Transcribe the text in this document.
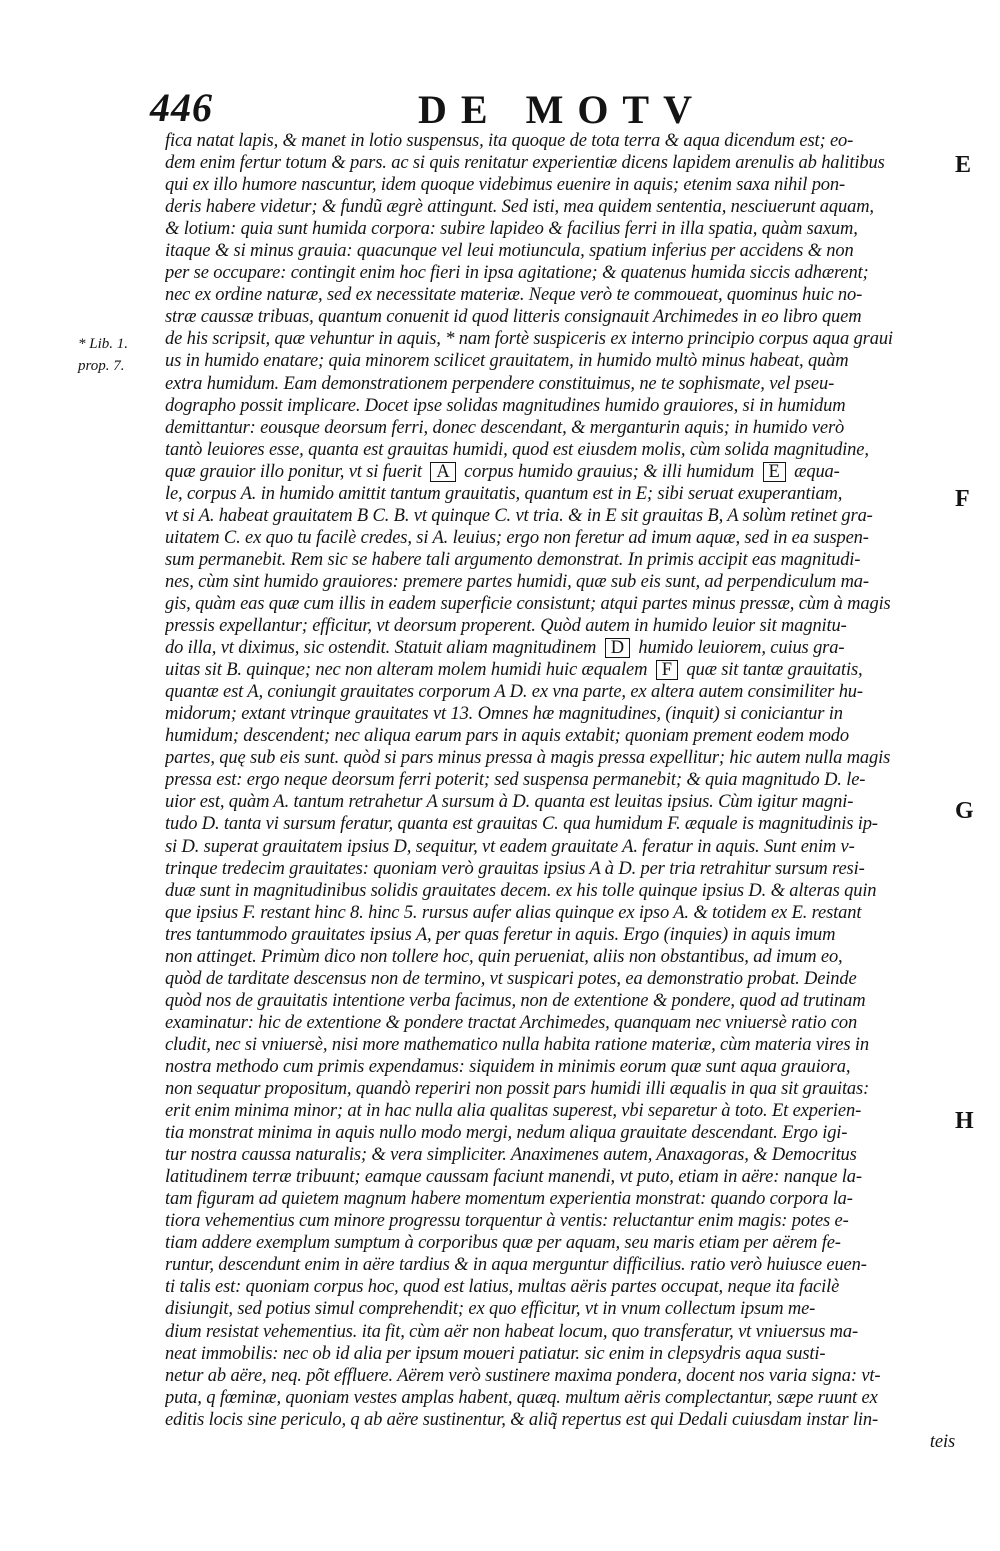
446	DE MOTV
* Lib. 1.
prop. 7.
E
F
G
H
fica natat lapis, & manet in lotio suspensus, ita quoque de tota terra & aqua dicendum est; eo-
dem enim fertur totum & pars. ac si quis renitatur experientiæ dicens lapidem arenulis ab halitibus
qui ex illo humore nascuntur, idem quoque videbimus euenire in aquis; etenim saxa nihil pon-
deris habere videtur; & fundũ ægrè attingunt. Sed isti, mea quidem sententia, nesciuerunt aquam,
& lotium: quia sunt humida corpora: subire lapideo & facilius ferri in illa spatia, quàm saxum,
itaque & si minus grauia: quacunque vel leui motiuncula, spatium inferius per accidens & non
per se occupare: contingit enim hoc fieri in ipsa agitatione; & quatenus humida siccis adhærent;
nec ex ordine naturæ, sed ex necessitate materiæ. Neque verò te commoueat, quominus huic no-
stræ caussæ tribuas, quantum conuenit id quod litteris consignauit Archimedes in eo libro quem
de his scripsit, quæ vehuntur in aquis, * nam fortè suspiceris ex interno principio corpus aqua graui
us in humido enatare; quia minorem scilicet grauitatem, in humido multò minus habeat, quàm
extra humidum. Eam demonstrationem perpendere constituimus, ne te sophismate, vel pseu-
dographo possit implicare. Docet ipse solidas magnitudines humido grauiores, si in humidum
demittantur: eousque deorsum ferri, donec descendant, & merganturin aquis; in humido verò
tantò leuiores esse, quanta est grauitas humidi, quod est eiusdem molis, cùm solida magnitudine,
quæ grauior illo ponitur, vt si fuerit A corpus humido grauius; & illi humidum E æqua-
le, corpus A. in humido amittit tantum grauitatis, quantum est in E; sibi seruat exuperantiam,
vt si A. habeat grauitatem B C. B. vt quinque C. vt tria. & in E sit grauitas B, A solùm retinet gra-
uitatem C. ex quo tu facilè credes, si A. leuius; ergo non feretur ad imum aquæ, sed in ea suspen-
sum permanebit. Rem sic se habere tali argumento demonstrat. In primis accipit eas magnitudi-
nes, cùm sint humido grauiores: premere partes humidi, quæ sub eis sunt, ad perpendiculum ma-
gis, quàm eas quæ cum illis in eadem superficie consistunt; atqui partes minus pressæ, cùm à magis
pressis expellantur; efficitur, vt deorsum properent. Quòd autem in humido leuior sit magnitu-
do illa, vt diximus, sic ostendit. Statuit aliam magnitudinem D humido leuiorem, cuius gra-
uitas sit B. quinque; nec non alteram molem humidi huic æqualem F quæ sit tantæ grauitatis,
quantæ est A, coniungit grauitates corporum A D. ex vna parte, ex altera autem consimiliter hu-
midorum; extant vtrinque grauitates vt 13. Omnes hæ magnitudines, (inquit) si coniciantur in
humidum; descendent; nec aliqua earum pars in aquis extabit; quoniam prement eodem modo
partes, quę sub eis sunt. quòd si pars minus pressa à magis pressa expellitur; hic autem nulla magis
pressa est: ergo neque deorsum ferri poterit; sed suspensa permanebit; & quia magnitudo D. le-
uior est, quàm A. tantum retrahetur A sursum à D. quanta est leuitas ipsius. Cùm igitur magni-
tudo D. tanta vi sursum feratur, quanta est grauitas C. qua humidum F. æquale is magnitudinis ip-
si D. superat grauitatem ipsius D, sequitur, vt eadem grauitate A. feratur in aquis. Sunt enim v-
trinque tredecim grauitates: quoniam verò grauitas ipsius A à D. per tria retrahitur sursum resi-
duæ sunt in magnitudinibus solidis grauitates decem. ex his tolle quinque ipsius D. & alteras quin
que ipsius F. restant hinc 8. hinc 5. rursus aufer alias quinque ex ipso A. & totidem ex E. restant
tres tantummodo grauitates ipsius A, per quas feretur in aquis. Ergo (inquies) in aquis imum
non attinget. Primùm dico non tollere hoc, quin perueniat, aliis non obstantibus, ad imum eo,
quòd de tarditate descensus non de termino, vt suspicari potes, ea demonstratio probat. Deinde
quòd nos de grauitatis intentione verba facimus, non de extentione & pondere, quod ad trutinam
examinatur: hic de extentione & pondere tractat Archimedes, quanquam nec vniuersè ratio con
cludit, nec si vniuersè, nisi more mathematico nulla habita ratione materiæ, cùm materia vires in
nostra methodo cum primis expendamus: siquidem in minimis eorum quæ sunt aqua grauiora,
non sequatur propositum, quandò reperiri non possit pars humidi illi æqualis in qua sit grauitas:
erit enim minima minor; at in hac nulla alia qualitas superest, vbi separetur à toto. Et experien-
tia monstrat minima in aquis nullo modo mergi, nedum aliqua grauitate descendant. Ergo igi-
tur nostra caussa naturalis; & vera simpliciter. Anaximenes autem, Anaxagoras, & Democritus
latitudinem terræ tribuunt; eamque caussam faciunt manendi, vt puto, etiam in aëre: nanque la-
tam figuram ad quietem magnum habere momentum experientia monstrat: quando corpora la-
tiora vehementius cum minore progressu torquentur à ventis: reluctantur enim magis: potes e-
tiam addere exemplum sumptum à corporibus quæ per aquam, seu maris etiam per aërem fe-
runtur, descendunt enim in aëre tardius & in aqua merguntur difficilius. ratio verò huiusce euen-
ti talis est: quoniam corpus hoc, quod est latius, multas aëris partes occupat, neque ita facilè
disiungit, sed potius simul comprehendit; ex quo efficitur, vt in vnum collectum ipsum me-
dium resistat vehementius. ita fit, cùm aër non habeat locum, quo transferatur, vt vniuersus ma-
neat immobilis: nec ob id alia per ipsum moueri patiatur. sic enim in clepsydris aqua susti-
netur ab aëre, neq. põt effluere. Aërem verò sustinere maxima pondera, docent nos varia signa: vt-
puta, q fœminæ, quoniam vestes amplas habent, quæq. multum aëris complectantur, sæpe ruunt ex
editis locis sine periculo, q ab aëre sustinentur, & aliq̃ repertus est qui Dedali cuiusdam instar lin-
teis
